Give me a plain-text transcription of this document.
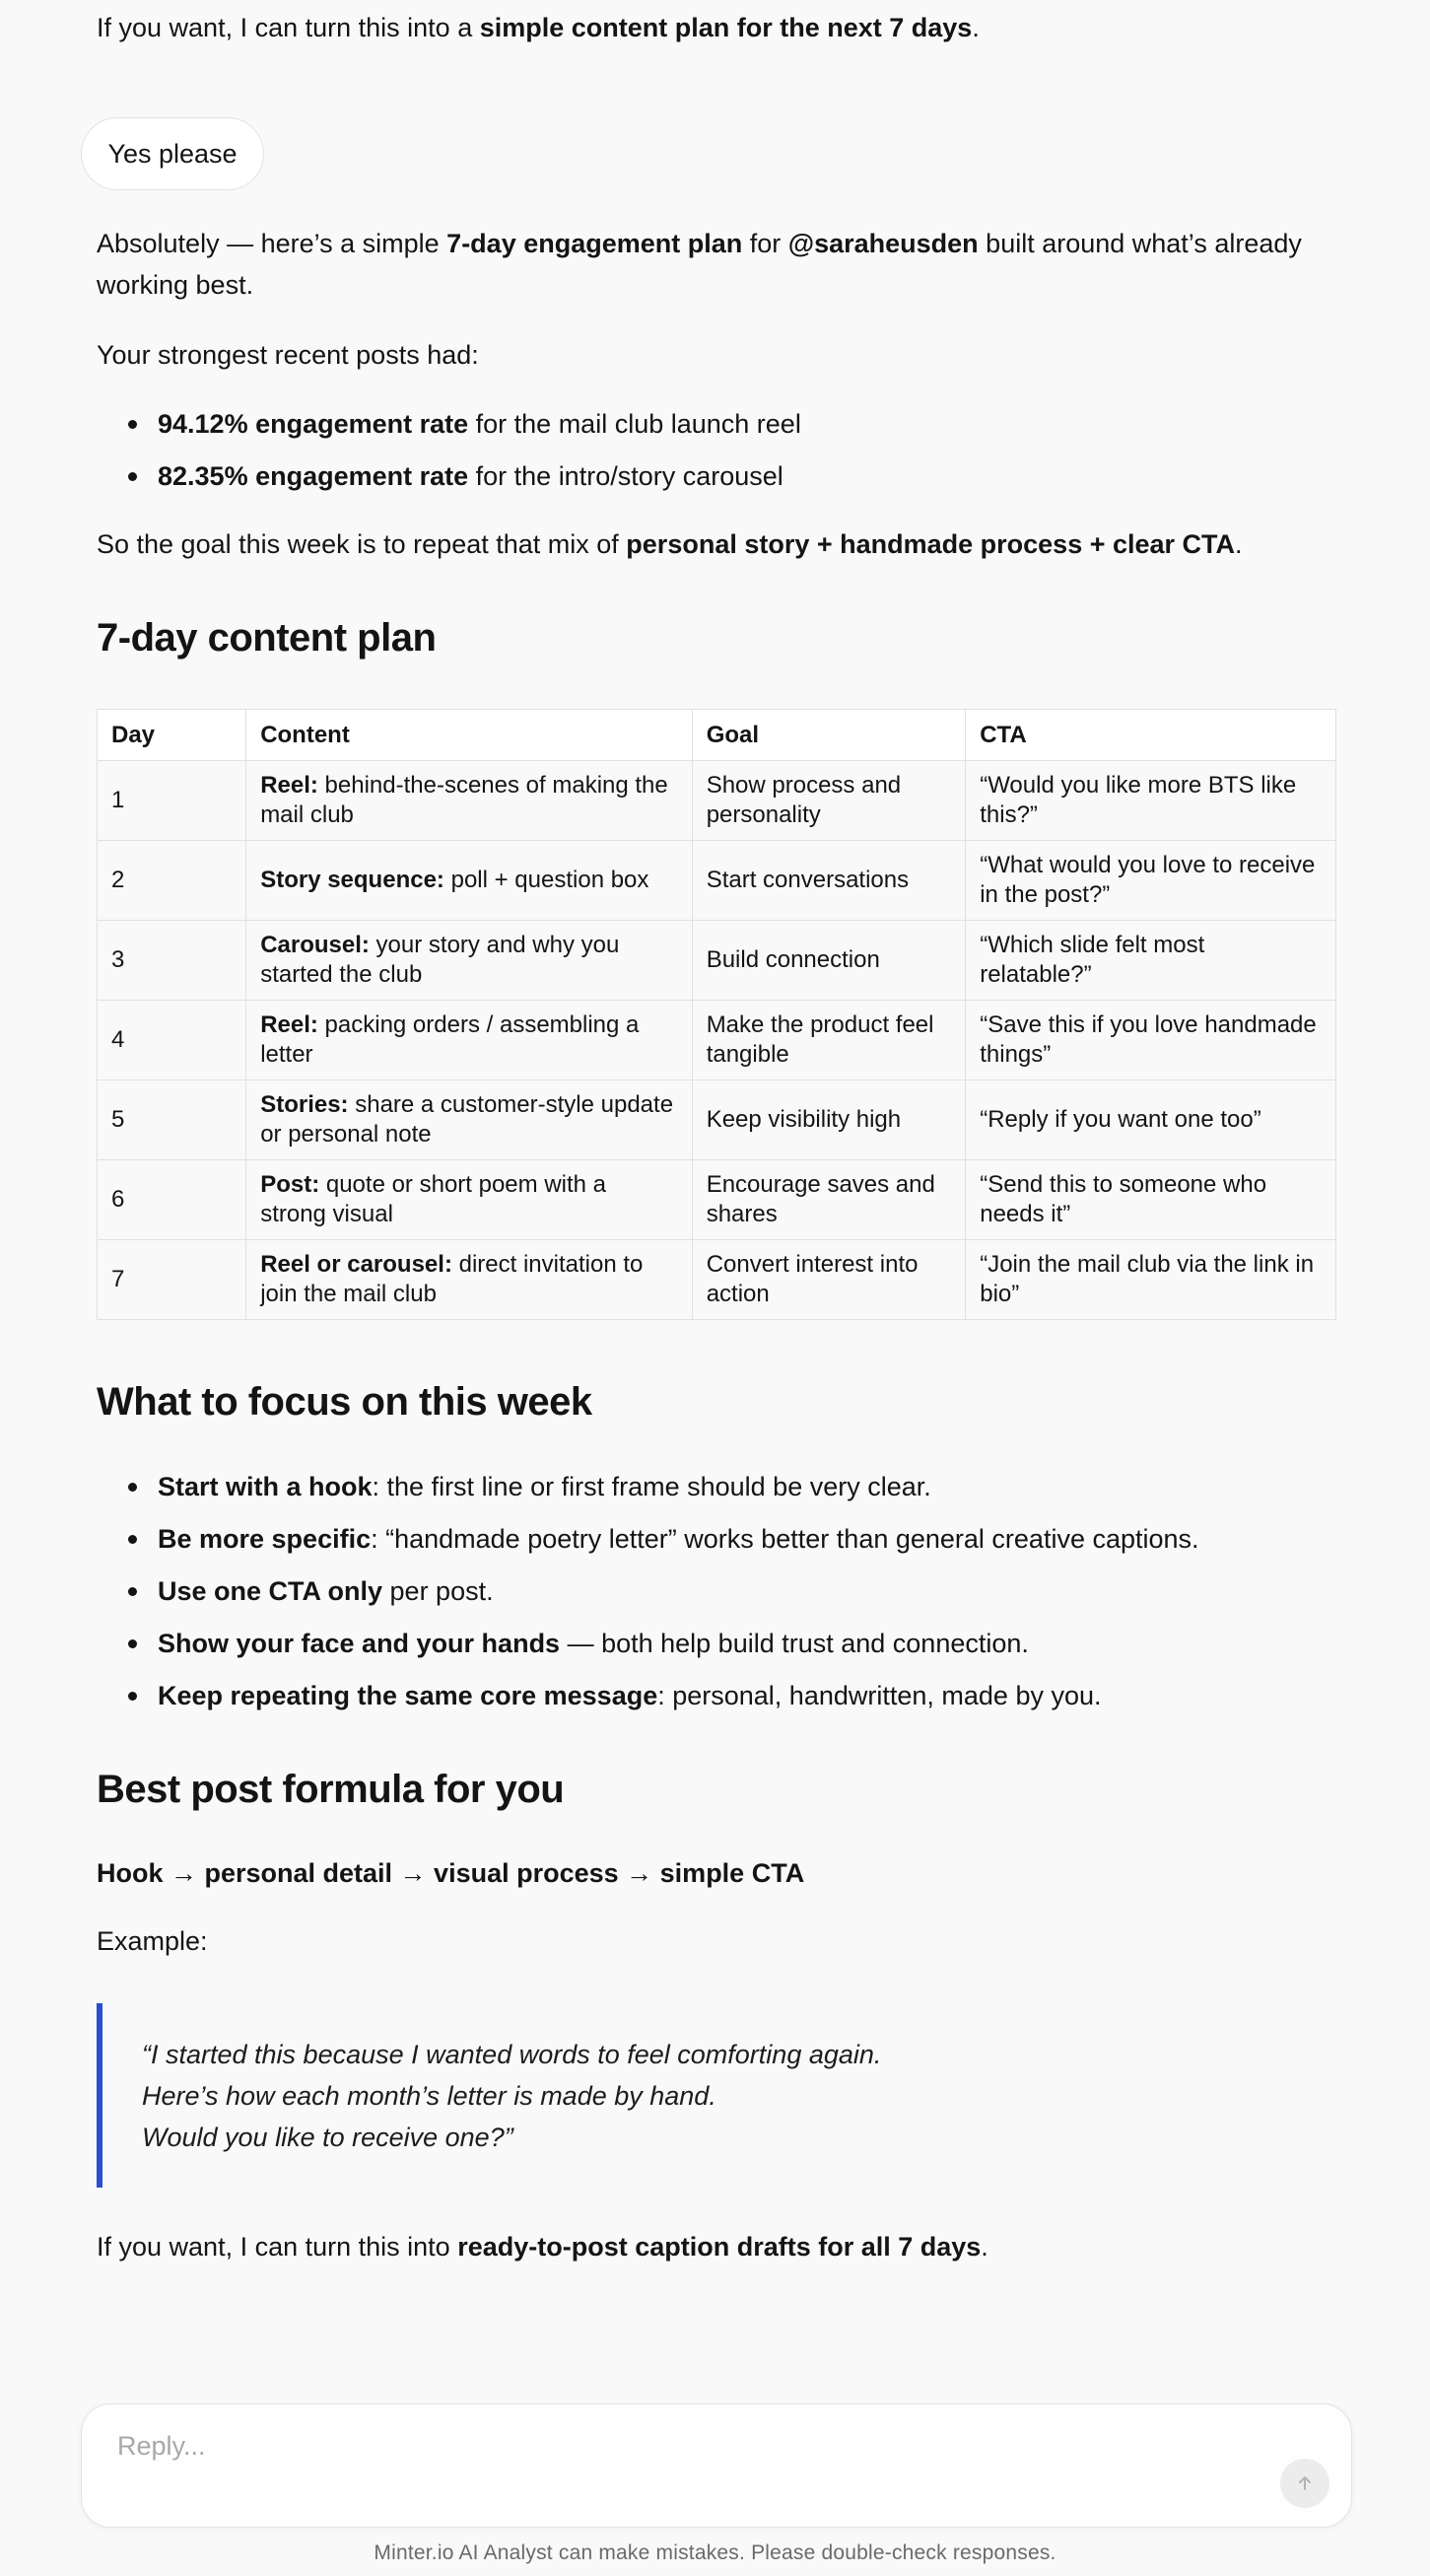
If you want, I can turn this into a simple content plan for the next 7 days.

Yes please

Absolutely — here’s a simple 7-day engagement plan for @saraheusden built around what’s already working best.

Your strongest recent posts had:

94.12% engagement rate for the mail club launch reel
82.35% engagement rate for the intro/story carousel

So the goal this week is to repeat that mix of personal story + handmade process + clear CTA.

7-day content plan
Day	Content	Goal	CTA
1	Reel: behind-the-scenes of making the mail club	Show process and personality	“Would you like more BTS like this?”
2	Story sequence: poll + question box	Start conversations	“What would you love to receive in the post?”
3	Carousel: your story and why you started the club	Build connection	“Which slide felt most relatable?”
4	Reel: packing orders / assembling a letter	Make the product feel tangible	“Save this if you love handmade things”
5	Stories: share a customer-style update or personal note	Keep visibility high	“Reply if you want one too”
6	Post: quote or short poem with a strong visual	Encourage saves and shares	“Send this to someone who needs it”
7	Reel or carousel: direct invitation to join the mail club	Convert interest into action	“Join the mail club via the link in bio”
What to focus on this week
Start with a hook: the first line or first frame should be very clear.
Be more specific: “handmade poetry letter” works better than general creative captions.
Use one CTA only per post.
Show your face and your hands — both help build trust and connection.
Keep repeating the same core message: personal, handwritten, made by you.
Best post formula for you

Hook → personal detail → visual process → simple CTA

Example:

“I started this because I wanted words to feel comforting again.
Here’s how each month’s letter is made by hand.
Would you like to receive one?”

If you want, I can turn this into ready-to-post caption drafts for all 7 days.

Reply...
Minter.io AI Analyst can make mistakes. Please double-check responses.
